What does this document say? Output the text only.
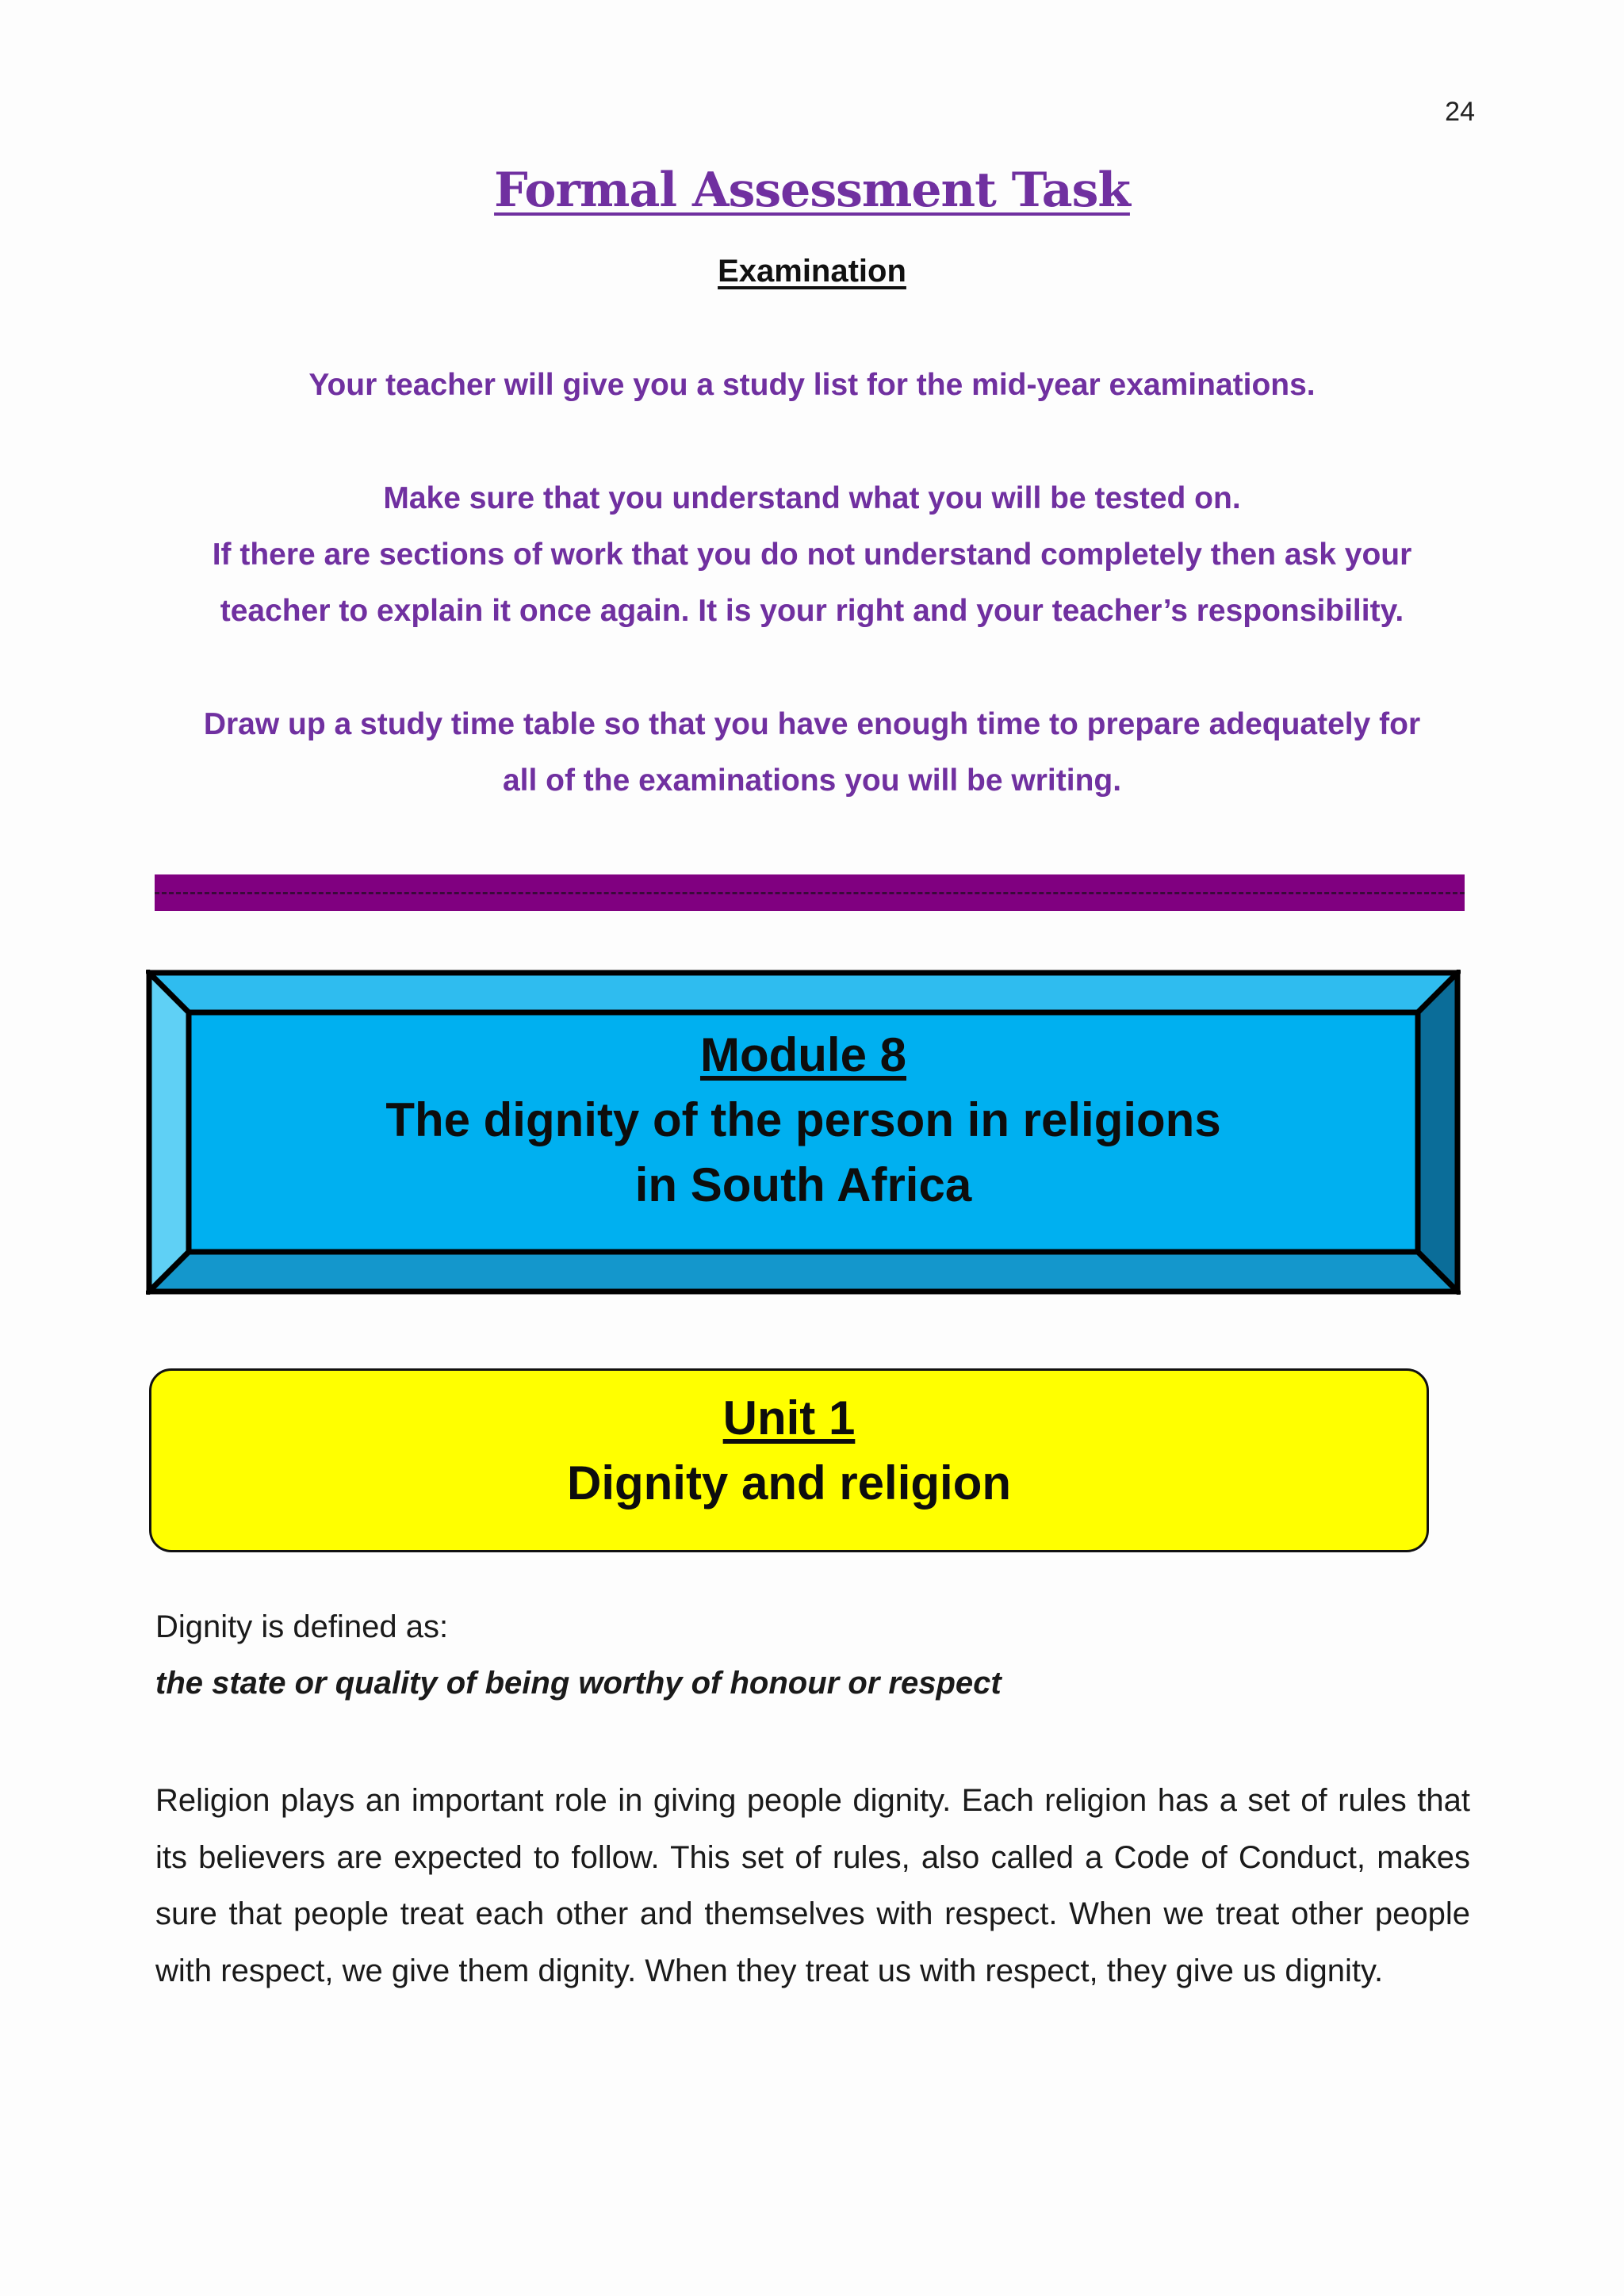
24
Formal Assessment Task
Examination
Your teacher will give you a study list for the mid-year examinations.
Make sure that you understand what you will be tested on.
If there are sections of work that you do not understand completely then ask your
teacher to explain it once again. It is your right and your teacher’s responsibility.
Draw up a study time table so that you have enough time to prepare adequately for
all of the examinations you will be writing.
Module 8
The dignity of the person in religions
in South Africa
Unit 1
Dignity and religion
Dignity is defined as:
the state or quality of being worthy of honour or respect
Religion plays an important role in giving people dignity. Each religion has a set of rules that its believers are expected to follow. This set of rules, also called a Code of Conduct, makes sure that people treat each other and themselves with respect. When we treat other people with respect, we give them dignity. When they treat us with respect, they give us dignity.
